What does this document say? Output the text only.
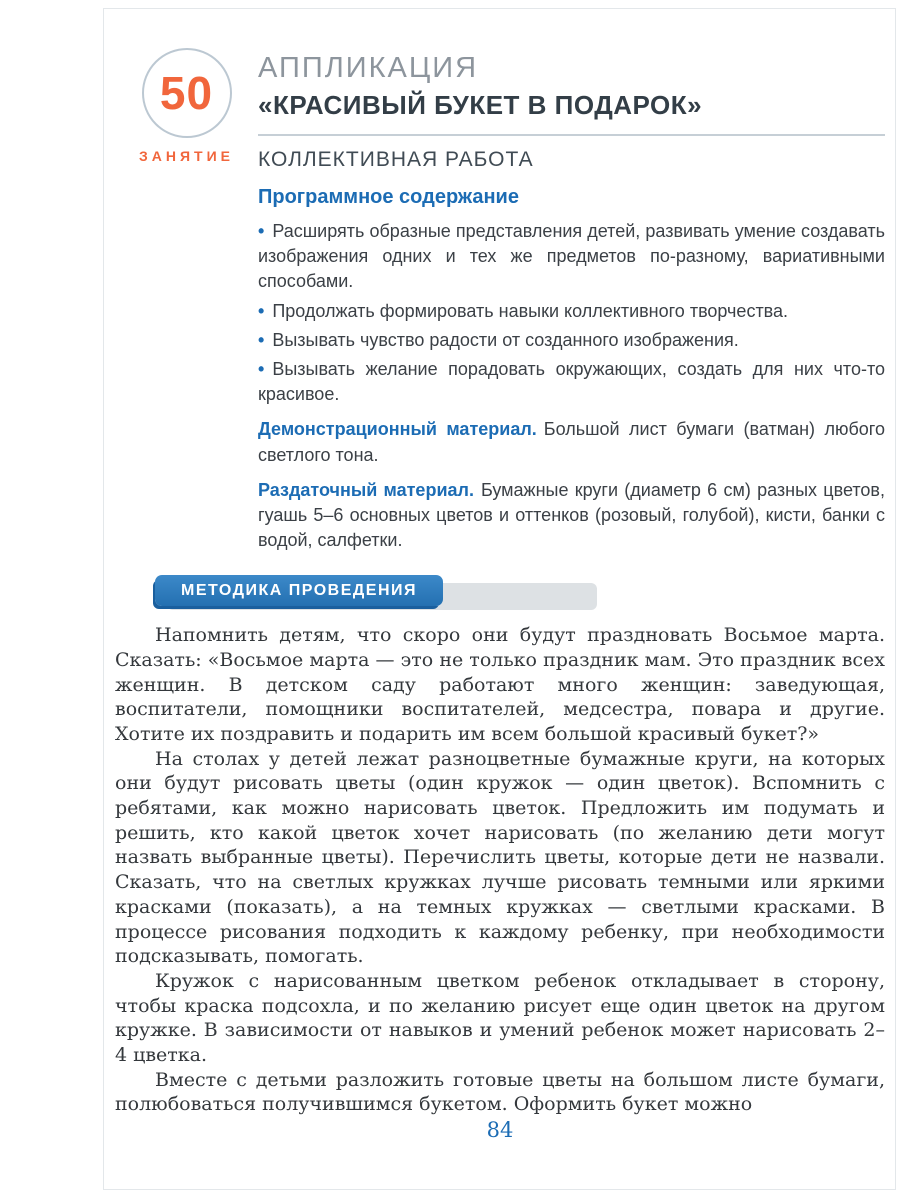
50
ЗАНЯТИЕ
АППЛИКАЦИЯ
«КРАСИВЫЙ БУКЕТ В ПОДАРОК»
КОЛЛЕКТИВНАЯ РАБОТА
Программное содержание

• Расширять образные представления детей, развивать умение создавать изображения одних и тех же предметов по-разному, вариативными способами.

• Продолжать формировать навыки коллективного творчества.

• Вызывать чувство радости от созданного изображения.

• Вызывать желание порадовать окружающих, создать для них что-то красивое.

Демонстрационный материал. Большой лист бумаги (ватман) любого светлого тона.

Раздаточный материал. Бумажные круги (диаметр 6 см) разных цветов, гуашь 5–6 основных цветов и оттенков (розовый, голубой), кисти, банки с водой, салфетки.

МЕТОДИКА ПРОВЕДЕНИЯ

Напомнить детям, что скоро они будут праздновать Восьмое марта. Сказать: «Восьмое марта — это не только праздник мам. Это праздник всех женщин. В детском саду работают много женщин: заведующая, воспитатели, помощники воспитателей, медсестра, повара и другие. Хотите их поздравить и подарить им всем большой красивый букет?»

На столах у детей лежат разноцветные бумажные круги, на которых они будут рисовать цветы (один кружок — один цветок). Вспомнить с ребятами, как можно нарисовать цветок. Предложить им подумать и решить, кто какой цветок хочет нарисовать (по желанию дети могут назвать выбранные цветы). Перечислить цветы, которые дети не назвали. Сказать, что на светлых кружках лучше рисовать темными или яркими красками (показать), а на темных кружках — светлыми красками. В процессе рисования подходить к каждому ребенку, при необходимости подсказывать, помогать.

Кружок с нарисованным цветком ребенок откладывает в сторону, чтобы краска подсохла, и по желанию рисует еще один цветок на другом кружке. В зависимости от навыков и умений ребенок может нарисовать 2–4 цветка.

Вместе с детьми разложить готовые цветы на большом листе бумаги, полюбоваться получившимся букетом. Оформить букет можно

84
